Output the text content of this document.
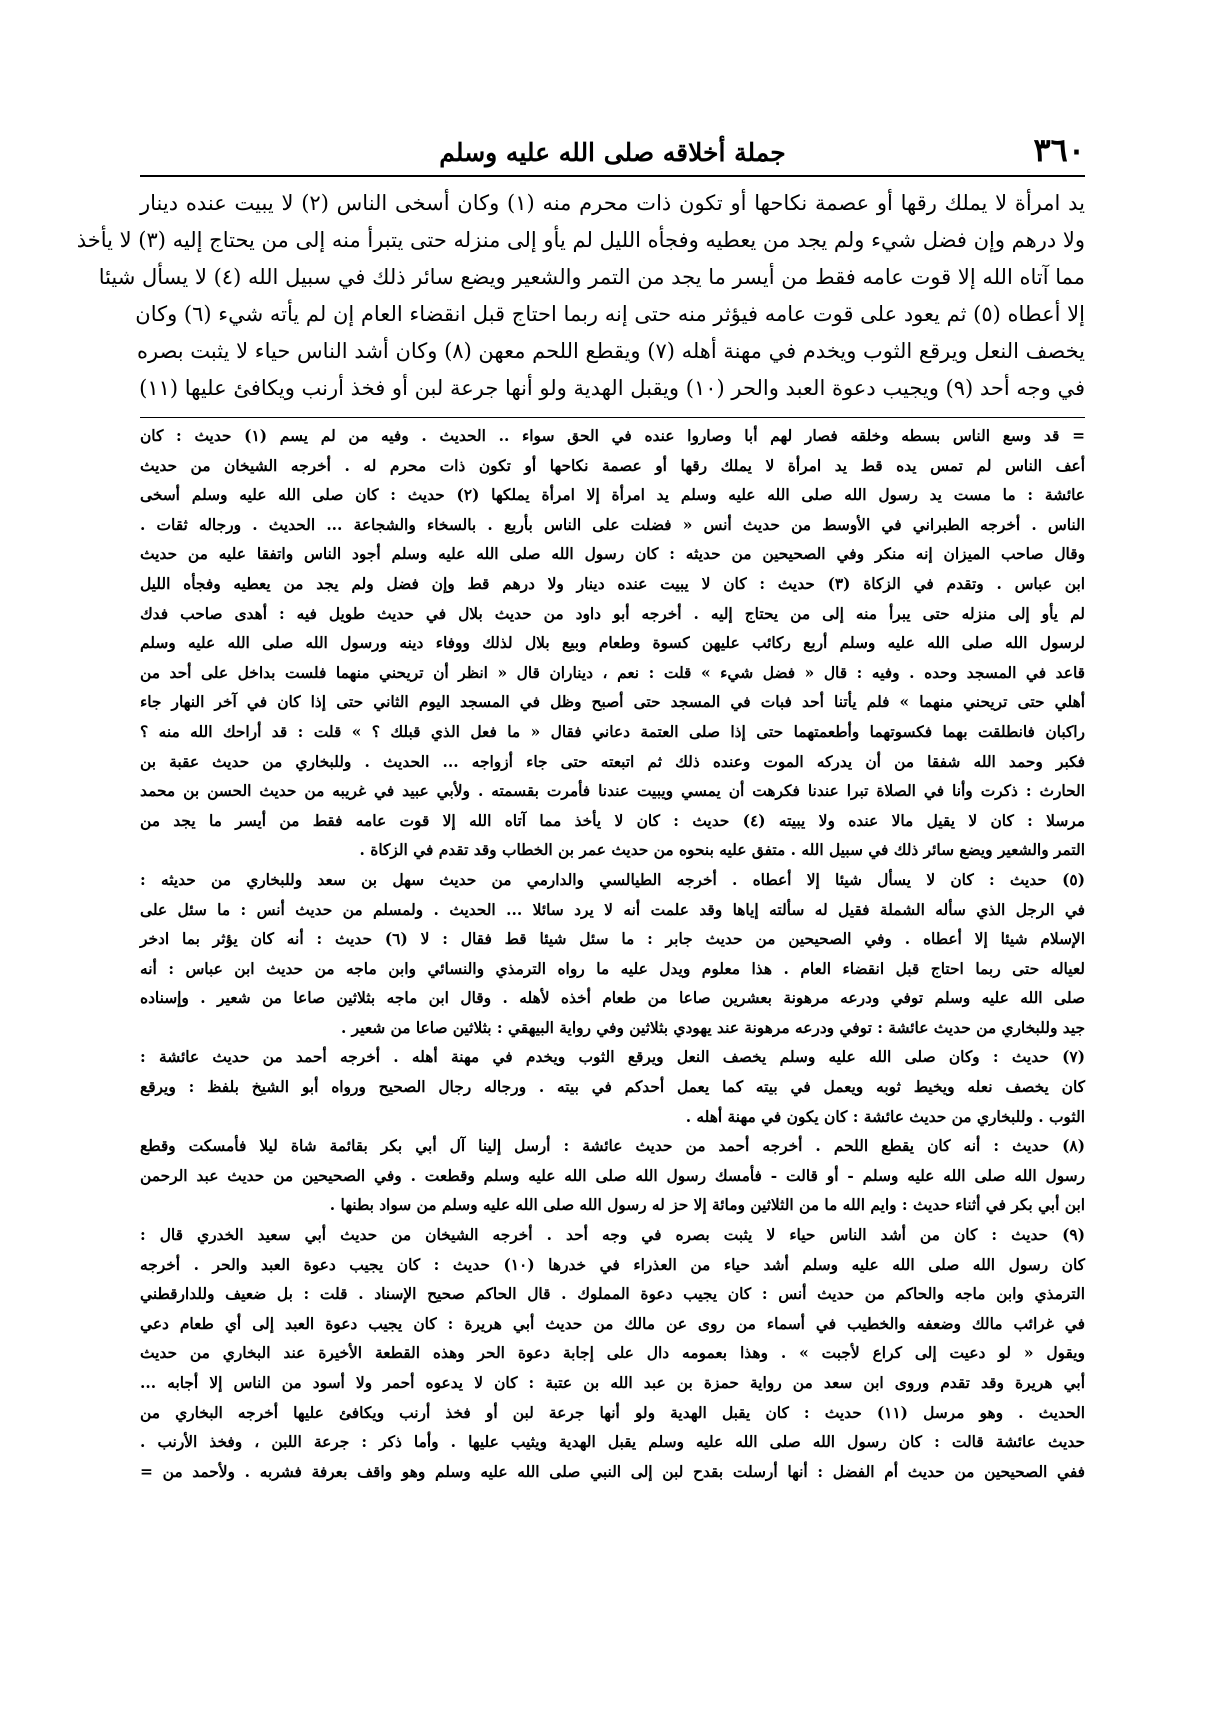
٣٦٠
جملة أخلاقه صلى الله عليه وسلم
يد امرأة لا يملك رقها أو عصمة نكاحها أو تكون ذات محرم منه (١) وكان أسخى الناس (٢) لا يبيت عنده دينار
ولا درهم وإن فضل شيء ولم يجد من يعطيه وفجأه الليل لم يأو إلى منزله حتى يتبرأ منه إلى من يحتاج إليه (٣) لا يأخذ
مما آتاه الله إلا قوت عامه فقط من أيسر ما يجد من التمر والشعير ويضع سائر ذلك في سبيل الله (٤) لا يسأل شيئا
إلا أعطاه (٥) ثم يعود على قوت عامه فيؤثر منه حتى إنه ربما احتاج قبل انقضاء العام إن لم يأته شيء (٦) وكان
يخصف النعل ويرقع الثوب ويخدم في مهنة أهله (٧) ويقطع اللحم معهن (٨) وكان أشد الناس حياء لا يثبت بصره
في وجه أحد (٩) ويجيب دعوة العبد والحر (١٠) ويقبل الهدية ولو أنها جرعة لبن أو فخذ أرنب ويكافئ عليها (١١)
= قد وسع الناس بسطه وخلقه فصار لهم أبا وصاروا عنده في الحق سواء .. الحديث . وفيه من لم يسم (١) حديث : كان
أعف الناس لم تمس يده قط يد امرأة لا يملك رقها أو عصمة نكاحها أو تكون ذات محرم له . أخرجه الشيخان من حديث
عائشة : ما مست يد رسول الله صلى الله عليه وسلم يد امرأة إلا امرأة يملكها (٢) حديث : كان صلى الله عليه وسلم أسخى
الناس . أخرجه الطبراني في الأوسط من حديث أنس « فضلت على الناس بأربع . بالسخاء والشجاعة ... الحديث . ورجاله ثقات .
وقال صاحب الميزان إنه منكر وفي الصحيحين من حديثه : كان رسول الله صلى الله عليه وسلم أجود الناس واتفقا عليه من حديث
ابن عباس . وتقدم في الزكاة (٣) حديث : كان لا يبيت عنده دينار ولا درهم قط وإن فضل ولم يجد من يعطيه وفجأه الليل
لم يأو إلى منزله حتى يبرأ منه إلى من يحتاج إليه . أخرجه أبو داود من حديث بلال في حديث طويل فيه : أهدى صاحب فدك
لرسول الله صلى الله عليه وسلم أربع ركائب عليهن كسوة وطعام وبيع بلال لذلك ووفاء دينه ورسول الله صلى الله عليه وسلم
قاعد في المسجد وحده . وفيه : قال « فضل شيء » قلت : نعم ، ديناران قال « انظر أن تريحني منهما فلست بداخل على أحد من
أهلي حتى تريحني منهما » فلم يأتنا أحد فبات في المسجد حتى أصبح وظل في المسجد اليوم الثاني حتى إذا كان في آخر النهار جاء
راكبان فانطلقت بهما فكسوتهما وأطعمتهما حتى إذا صلى العتمة دعاني فقال « ما فعل الذي قبلك ؟ » قلت : قد أراحك الله منه ؟
فكبر وحمد الله شفقا من أن يدركه الموت وعنده ذلك ثم اتبعته حتى جاء أزواجه ... الحديث . وللبخاري من حديث عقبة بن
الحارث : ذكرت وأنا في الصلاة تبرا عندنا فكرهت أن يمسي ويبيت عندنا فأمرت بقسمته . ولأبي عبيد في غريبه من حديث الحسن بن محمد
مرسلا : كان لا يقيل مالا عنده ولا يبيته (٤) حديث : كان لا يأخذ مما آتاه الله إلا قوت عامه فقط من أيسر ما يجد من
التمر والشعير ويضع سائر ذلك في سبيل الله . متفق عليه بنحوه من حديث عمر بن الخطاب وقد تقدم في الزكاة .
(٥) حديث : كان لا يسأل شيئا إلا أعطاه . أخرجه الطيالسي والدارمي من حديث سهل بن سعد وللبخاري من حديثه :
في الرجل الذي سأله الشملة فقيل له سألته إياها وقد علمت أنه لا يرد سائلا ... الحديث . ولمسلم من حديث أنس : ما سئل على
الإسلام شيئا إلا أعطاه . وفي الصحيحين من حديث جابر : ما سئل شيئا قط فقال : لا (٦) حديث : أنه كان يؤثر بما ادخر
لعياله حتى ربما احتاج قبل انقضاء العام . هذا معلوم ويدل عليه ما رواه الترمذي والنسائي وابن ماجه من حديث ابن عباس : أنه
صلى الله عليه وسلم توفي ودرعه مرهونة بعشرين صاعا من طعام أخذه لأهله . وقال ابن ماجه بثلاثين صاعا من شعير . وإسناده
جيد وللبخاري من حديث عائشة : توفي ودرعه مرهونة عند يهودي بثلاثين وفي رواية البيهقي : بثلاثين صاعا من شعير .
(٧) حديث : وكان صلى الله عليه وسلم يخصف النعل ويرقع الثوب ويخدم في مهنة أهله . أخرجه أحمد من حديث عائشة :
كان يخصف نعله ويخيط ثوبه ويعمل في بيته كما يعمل أحدكم في بيته . ورجاله رجال الصحيح ورواه أبو الشيخ بلفظ : ويرقع
الثوب . وللبخاري من حديث عائشة : كان يكون في مهنة أهله .
(٨) حديث : أنه كان يقطع اللحم . أخرجه أحمد من حديث عائشة : أرسل إلينا آل أبي بكر بقائمة شاة ليلا فأمسكت وقطع
رسول الله صلى الله عليه وسلم - أو قالت - فأمسك رسول الله صلى الله عليه وسلم وقطعت . وفي الصحيحين من حديث عبد الرحمن
ابن أبي بكر في أثناء حديث : وايم الله ما من الثلاثين ومائة إلا حز له رسول الله صلى الله عليه وسلم من سواد بطنها .
(٩) حديث : كان من أشد الناس حياء لا يثبت بصره في وجه أحد . أخرجه الشيخان من حديث أبي سعيد الخدري قال :
كان رسول الله صلى الله عليه وسلم أشد حياء من العذراء في خدرها (١٠) حديث : كان يجيب دعوة العبد والحر . أخرجه
الترمذي وابن ماجه والحاكم من حديث أنس : كان يجيب دعوة المملوك . قال الحاكم صحيح الإسناد . قلت : بل ضعيف وللدارقطني
في غرائب مالك وضعفه والخطيب في أسماء من روى عن مالك من حديث أبي هريرة : كان يجيب دعوة العبد إلى أي طعام دعي
ويقول « لو دعيت إلى كراع لأجبت » . وهذا بعمومه دال على إجابة دعوة الحر وهذه القطعة الأخيرة عند البخاري من حديث
أبي هريرة وقد تقدم وروى ابن سعد من رواية حمزة بن عبد الله بن عتبة : كان لا يدعوه أحمر ولا أسود من الناس إلا أجابه ...
الحديث . وهو مرسل (١١) حديث : كان يقبل الهدية ولو أنها جرعة لبن أو فخذ أرنب ويكافئ عليها أخرجه البخاري من
حديث عائشة قالت : كان رسول الله صلى الله عليه وسلم يقبل الهدية ويثيب عليها . وأما ذكر : جرعة اللبن ، وفخذ الأرنب .
ففي الصحيحين من حديث أم الفضل : أنها أرسلت بقدح لبن إلى النبي صلى الله عليه وسلم وهو واقف بعرفة فشربه . ولأحمد من =
